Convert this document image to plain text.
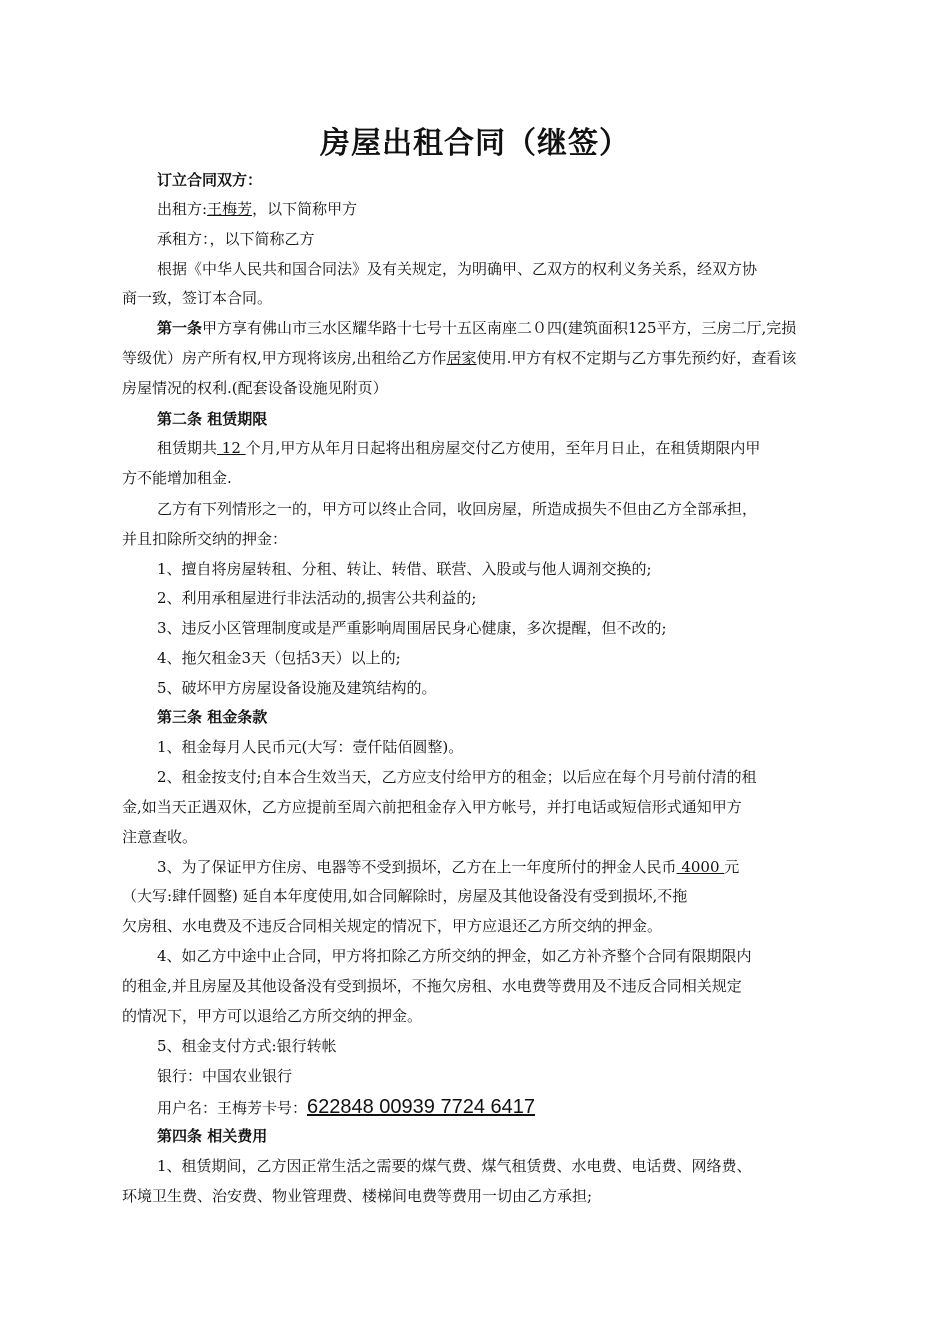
房屋出租合同（继签）
订立合同双方：
出租方:王梅芳，以下简称甲方
承租方：，以下简称乙方
根据《中华人民共和国合同法》及有关规定，为明确甲、乙双方的权利义务关系，经双方协
商一致，签订本合同。
第一条甲方享有佛山市三水区耀华路十七号十五区南座二０四(建筑面积125平方，三房二厅,完损
等级优）房产所有权,甲方现将该房,出租给乙方作居家使用.甲方有权不定期与乙方事先预约好，查看该
房屋情况的权利.(配套设备设施见附页）
第二条 租赁期限
租赁期共 12 个月,甲方从年月日起将出租房屋交付乙方使用，至年月日止，在租赁期限内甲
方不能增加租金.
乙方有下列情形之一的，甲方可以终止合同，收回房屋，所造成损失不但由乙方全部承担，
并且扣除所交纳的押金：
1、擅自将房屋转租、分租、转让、转借、联营、入股或与他人调剂交换的;
2、利用承租屋进行非法活动的,损害公共利益的;
3、违反小区管理制度或是严重影响周围居民身心健康，多次提醒，但不改的;
4、拖欠租金3天（包括3天）以上的;
5、破坏甲方房屋设备设施及建筑结构的。
第三条 租金条款
1、租金每月人民币元(大写：壹仟陆佰圆整)。
2、租金按支付;自本合生效当天，乙方应支付给甲方的租金；以后应在每个月号前付清的租
金,如当天正遇双休，乙方应提前至周六前把租金存入甲方帐号，并打电话或短信形式通知甲方
注意查收。
3、为了保证甲方住房、电器等不受到损坏，乙方在上一年度所付的押金人民币 4000 元
（大写:肆仟圆整) 延自本年度使用,如合同解除时，房屋及其他设备没有受到损坏,不拖
欠房租、水电费及不违反合同相关规定的情况下，甲方应退还乙方所交纳的押金。
4、如乙方中途中止合同，甲方将扣除乙方所交纳的押金，如乙方补齐整个合同有限期限内
的租金,并且房屋及其他设备没有受到损坏，不拖欠房租、水电费等费用及不违反合同相关规定
的情况下，甲方可以退给乙方所交纳的押金。
5、租金支付方式:银行转帐
银行：中国农业银行
用户名：王梅芳卡号：622848 00939 7724 6417
第四条 相关费用
1、租赁期间，乙方因正常生活之需要的煤气费、煤气租赁费、水电费、电话费、网络费、
环境卫生费、治安费、物业管理费、楼梯间电费等费用一切由乙方承担;
